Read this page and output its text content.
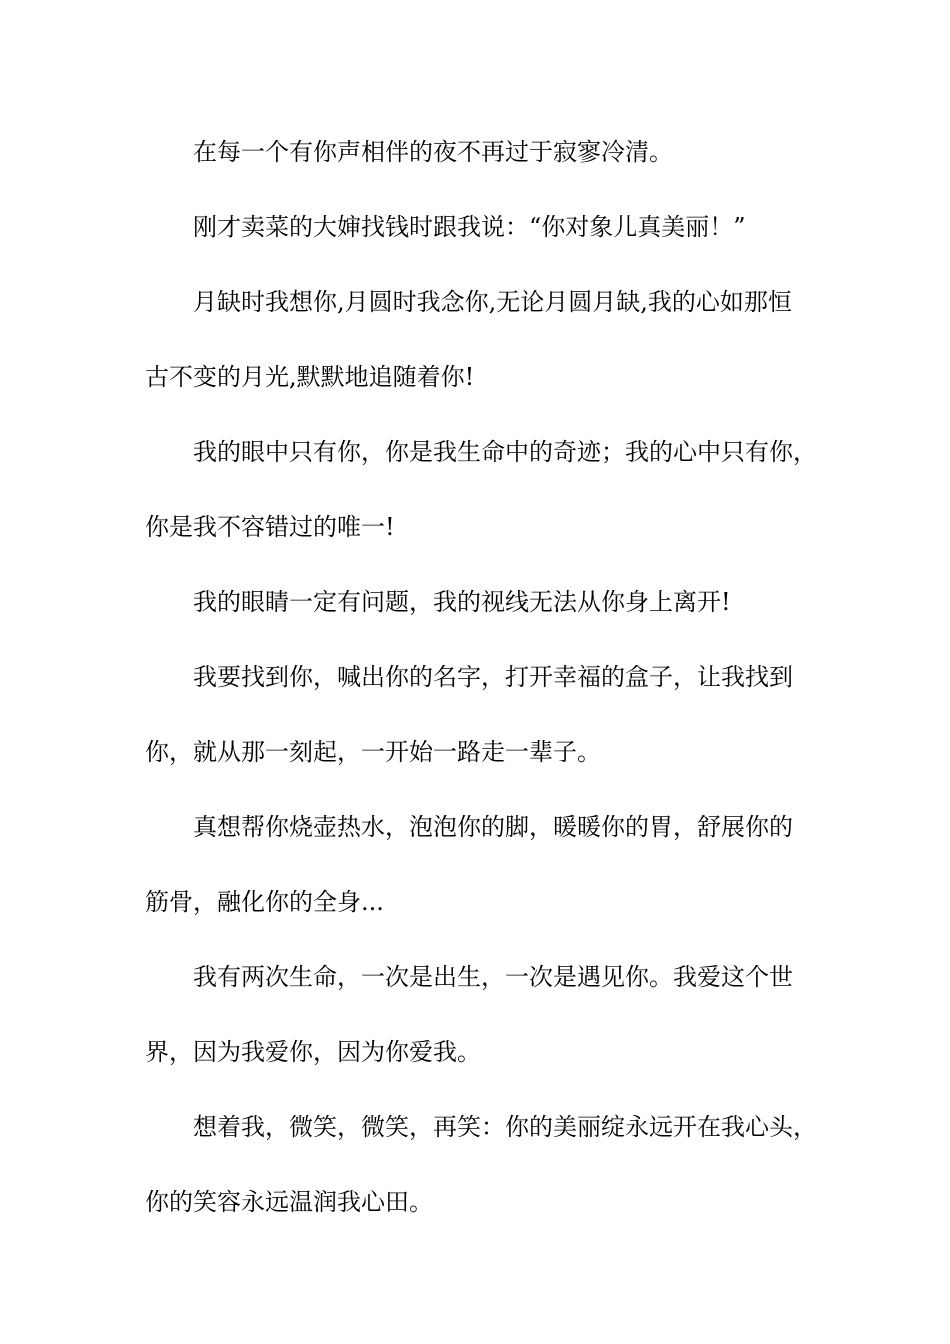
在每一个有你声相伴的夜不再过于寂寥冷清。
刚才卖菜的大婶找钱时跟我说：“你对象儿真美丽！”
月缺时我想你,月圆时我念你,无论月圆月缺,我的心如那恒
古不变的月光,默默地追随着你!
我的眼中只有你，你是我生命中的奇迹；我的心中只有你，
你是我不容错过的唯一!
我的眼睛一定有问题，我的视线无法从你身上离开!
我要找到你，喊出你的名字，打开幸福的盒子，让我找到
你，就从那一刻起，一开始一路走一辈子。
真想帮你烧壶热水，泡泡你的脚，暖暖你的胃，舒展你的
筋骨，融化你的全身...
我有两次生命，一次是出生，一次是遇见你。我爱这个世
界，因为我爱你，因为你爱我。
想着我，微笑，微笑，再笑：你的美丽绽永远开在我心头，
你的笑容永远温润我心田。
